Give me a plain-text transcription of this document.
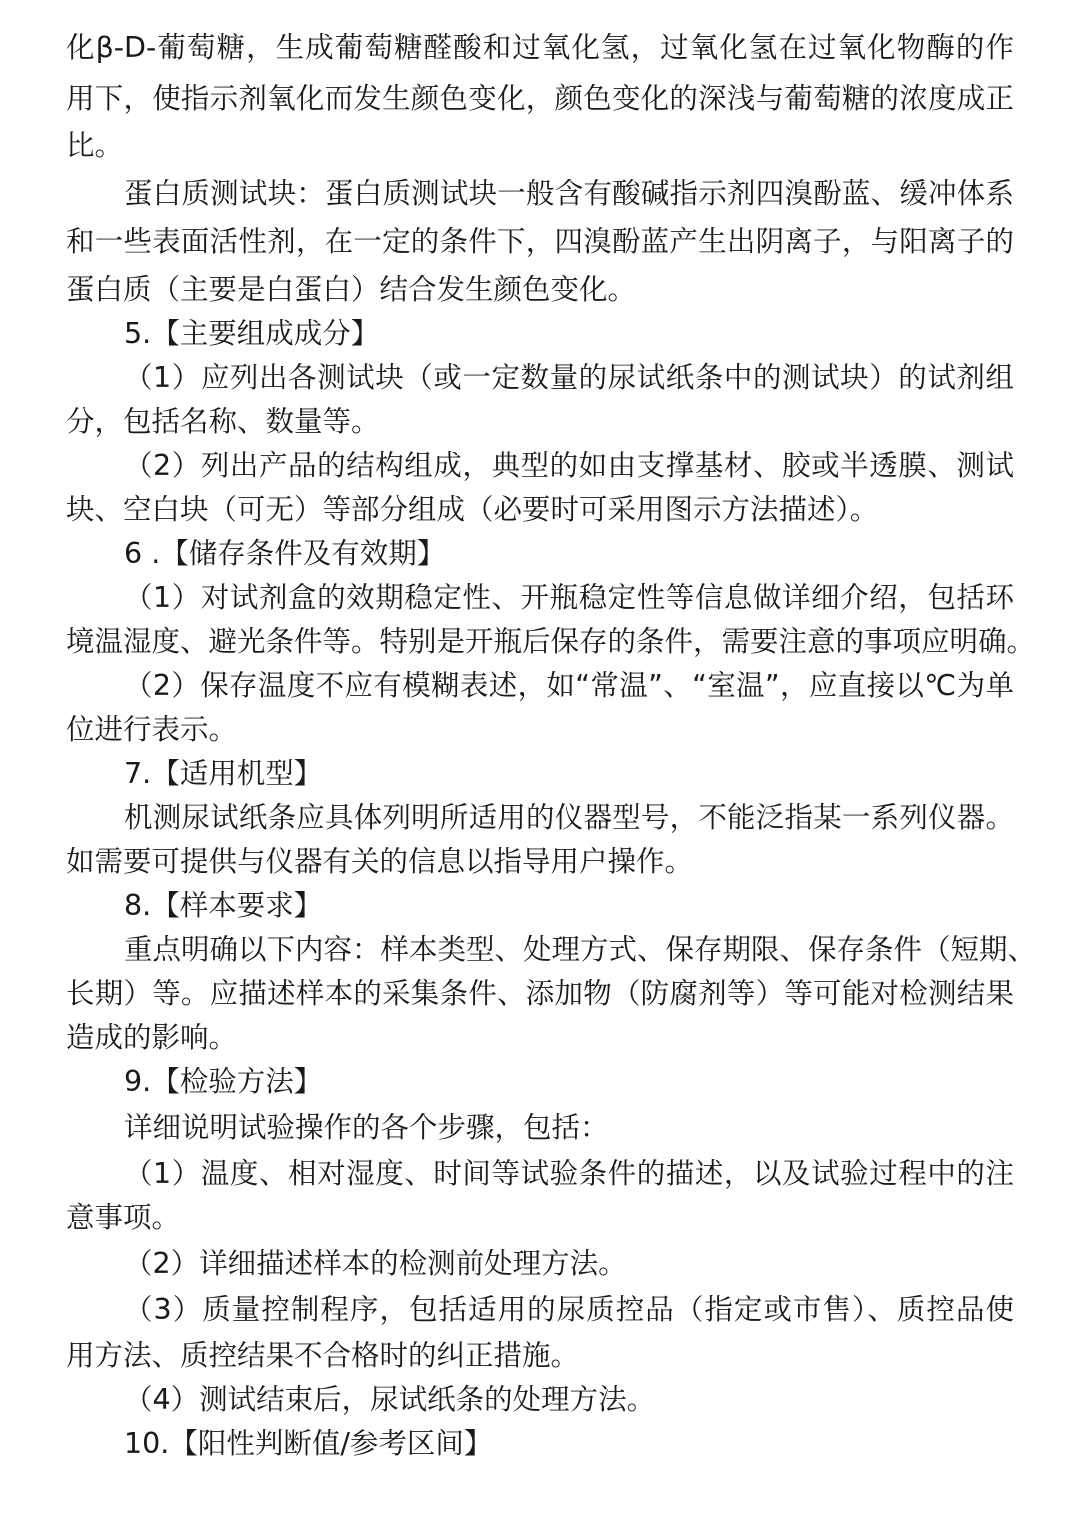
化β-D-葡萄糖，生成葡萄糖醛酸和过氧化氢，过氧化氢在过氧化物酶的作
用下，使指示剂氧化而发生颜色变化，颜色变化的深浅与葡萄糖的浓度成正
比。
蛋白质测试块：蛋白质测试块一般含有酸碱指示剂四溴酚蓝、缓冲体系
和一些表面活性剂，在一定的条件下，四溴酚蓝产生出阴离子，与阳离子的
蛋白质（主要是白蛋白）结合发生颜色变化。
5.【主要组成成分】
（1）应列出各测试块（或一定数量的尿试纸条中的测试块）的试剂组
分，包括名称、数量等。
（2）列出产品的结构组成，典型的如由支撑基材、胶或半透膜、测试
块、空白块（可无）等部分组成（必要时可采用图示方法描述）。
6 .【储存条件及有效期】
（1）对试剂盒的效期稳定性、开瓶稳定性等信息做详细介绍，包括环
境温湿度、避光条件等。特别是开瓶后保存的条件，需要注意的事项应明确。
（2）保存温度不应有模糊表述，如“常温”、“室温”，应直接以℃为单
位进行表示。
7.【适用机型】
机测尿试纸条应具体列明所适用的仪器型号，不能泛指某一系列仪器。
如需要可提供与仪器有关的信息以指导用户操作。
8.【样本要求】
重点明确以下内容：样本类型、处理方式、保存期限、保存条件（短期、
长期）等。应描述样本的采集条件、添加物（防腐剂等）等可能对检测结果
造成的影响。
9.【检验方法】
详细说明试验操作的各个步骤，包括：
（1）温度、相对湿度、时间等试验条件的描述，以及试验过程中的注
意事项。
（2）详细描述样本的检测前处理方法。
（3）质量控制程序，包括适用的尿质控品（指定或市售）、质控品使
用方法、质控结果不合格时的纠正措施。
（4）测试结束后，尿试纸条的处理方法。
10.【阳性判断值/参考区间】
